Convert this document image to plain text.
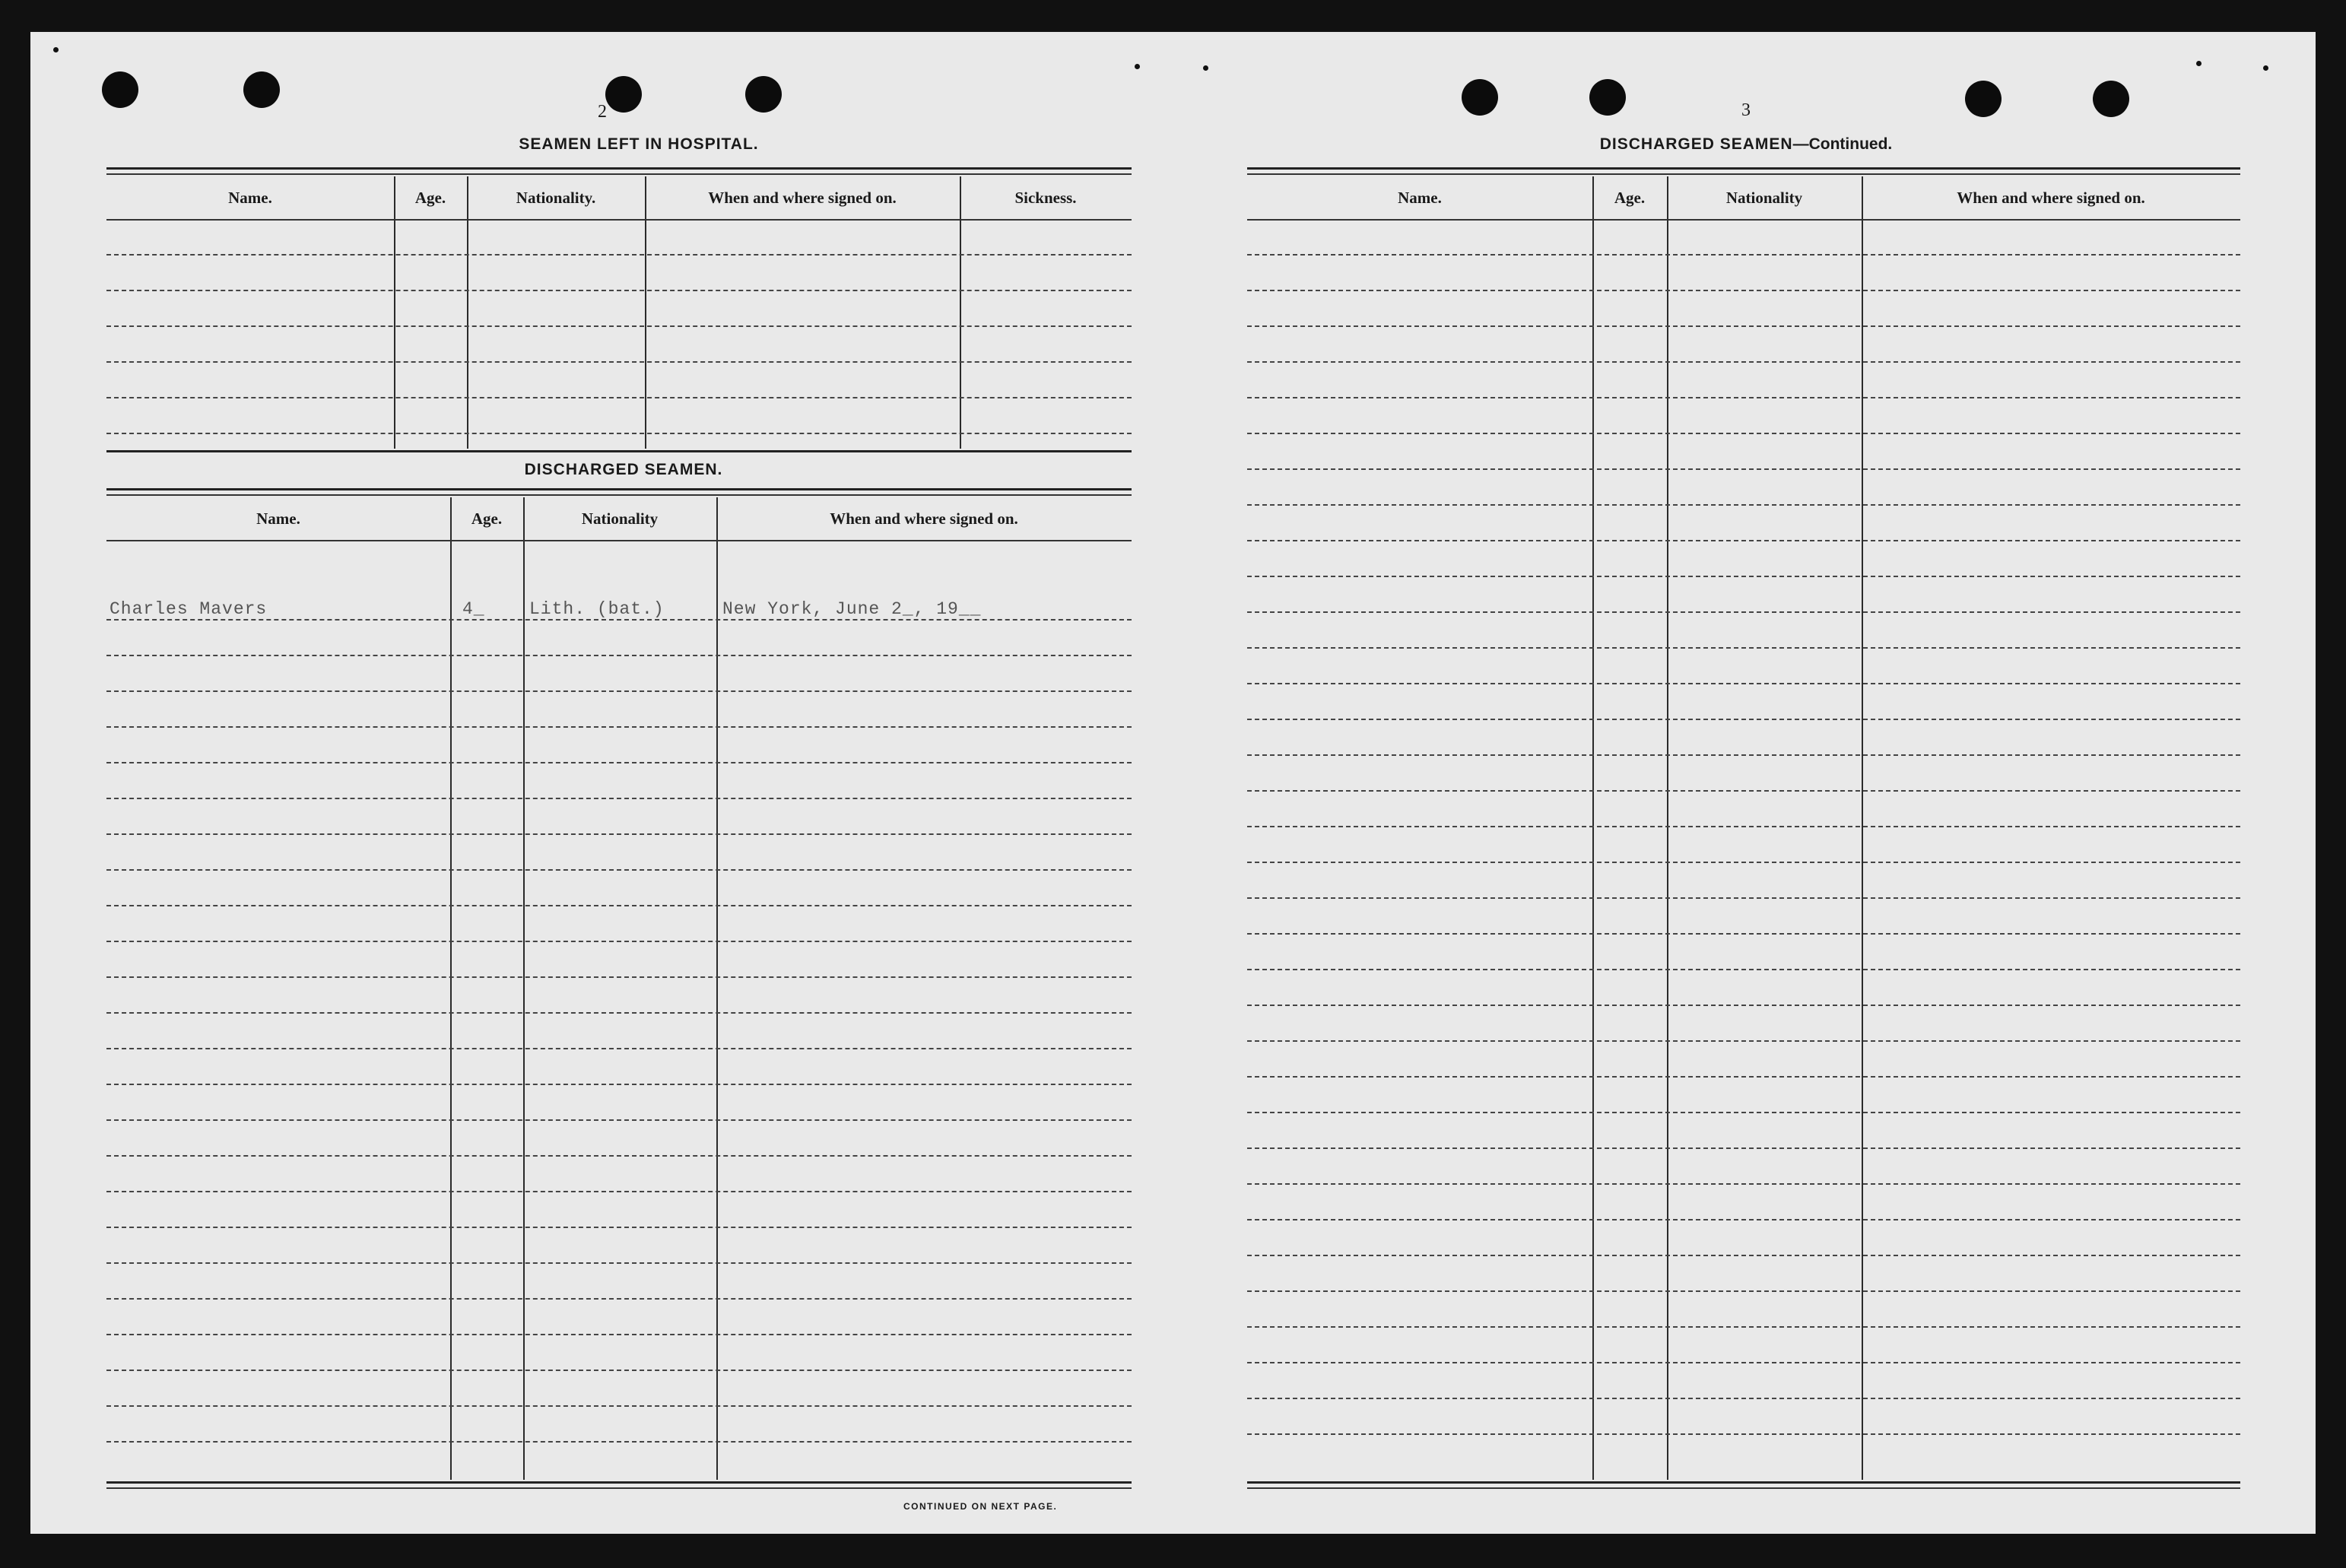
2
SEAMEN LEFT IN HOSPITAL.
Name.	Age.	Nationality.	When and where signed on.	Sickness.
DISCHARGED SEAMEN.
Name.	Age.	Nationality	When and where signed on.
Charles Mavers	4_	Lith. (bat.)	New York, June 2_, 19__
CONTINUED ON NEXT PAGE.
3
DISCHARGED SEAMEN—Continued.
Name.	Age.	Nationality	When and where signed on.
